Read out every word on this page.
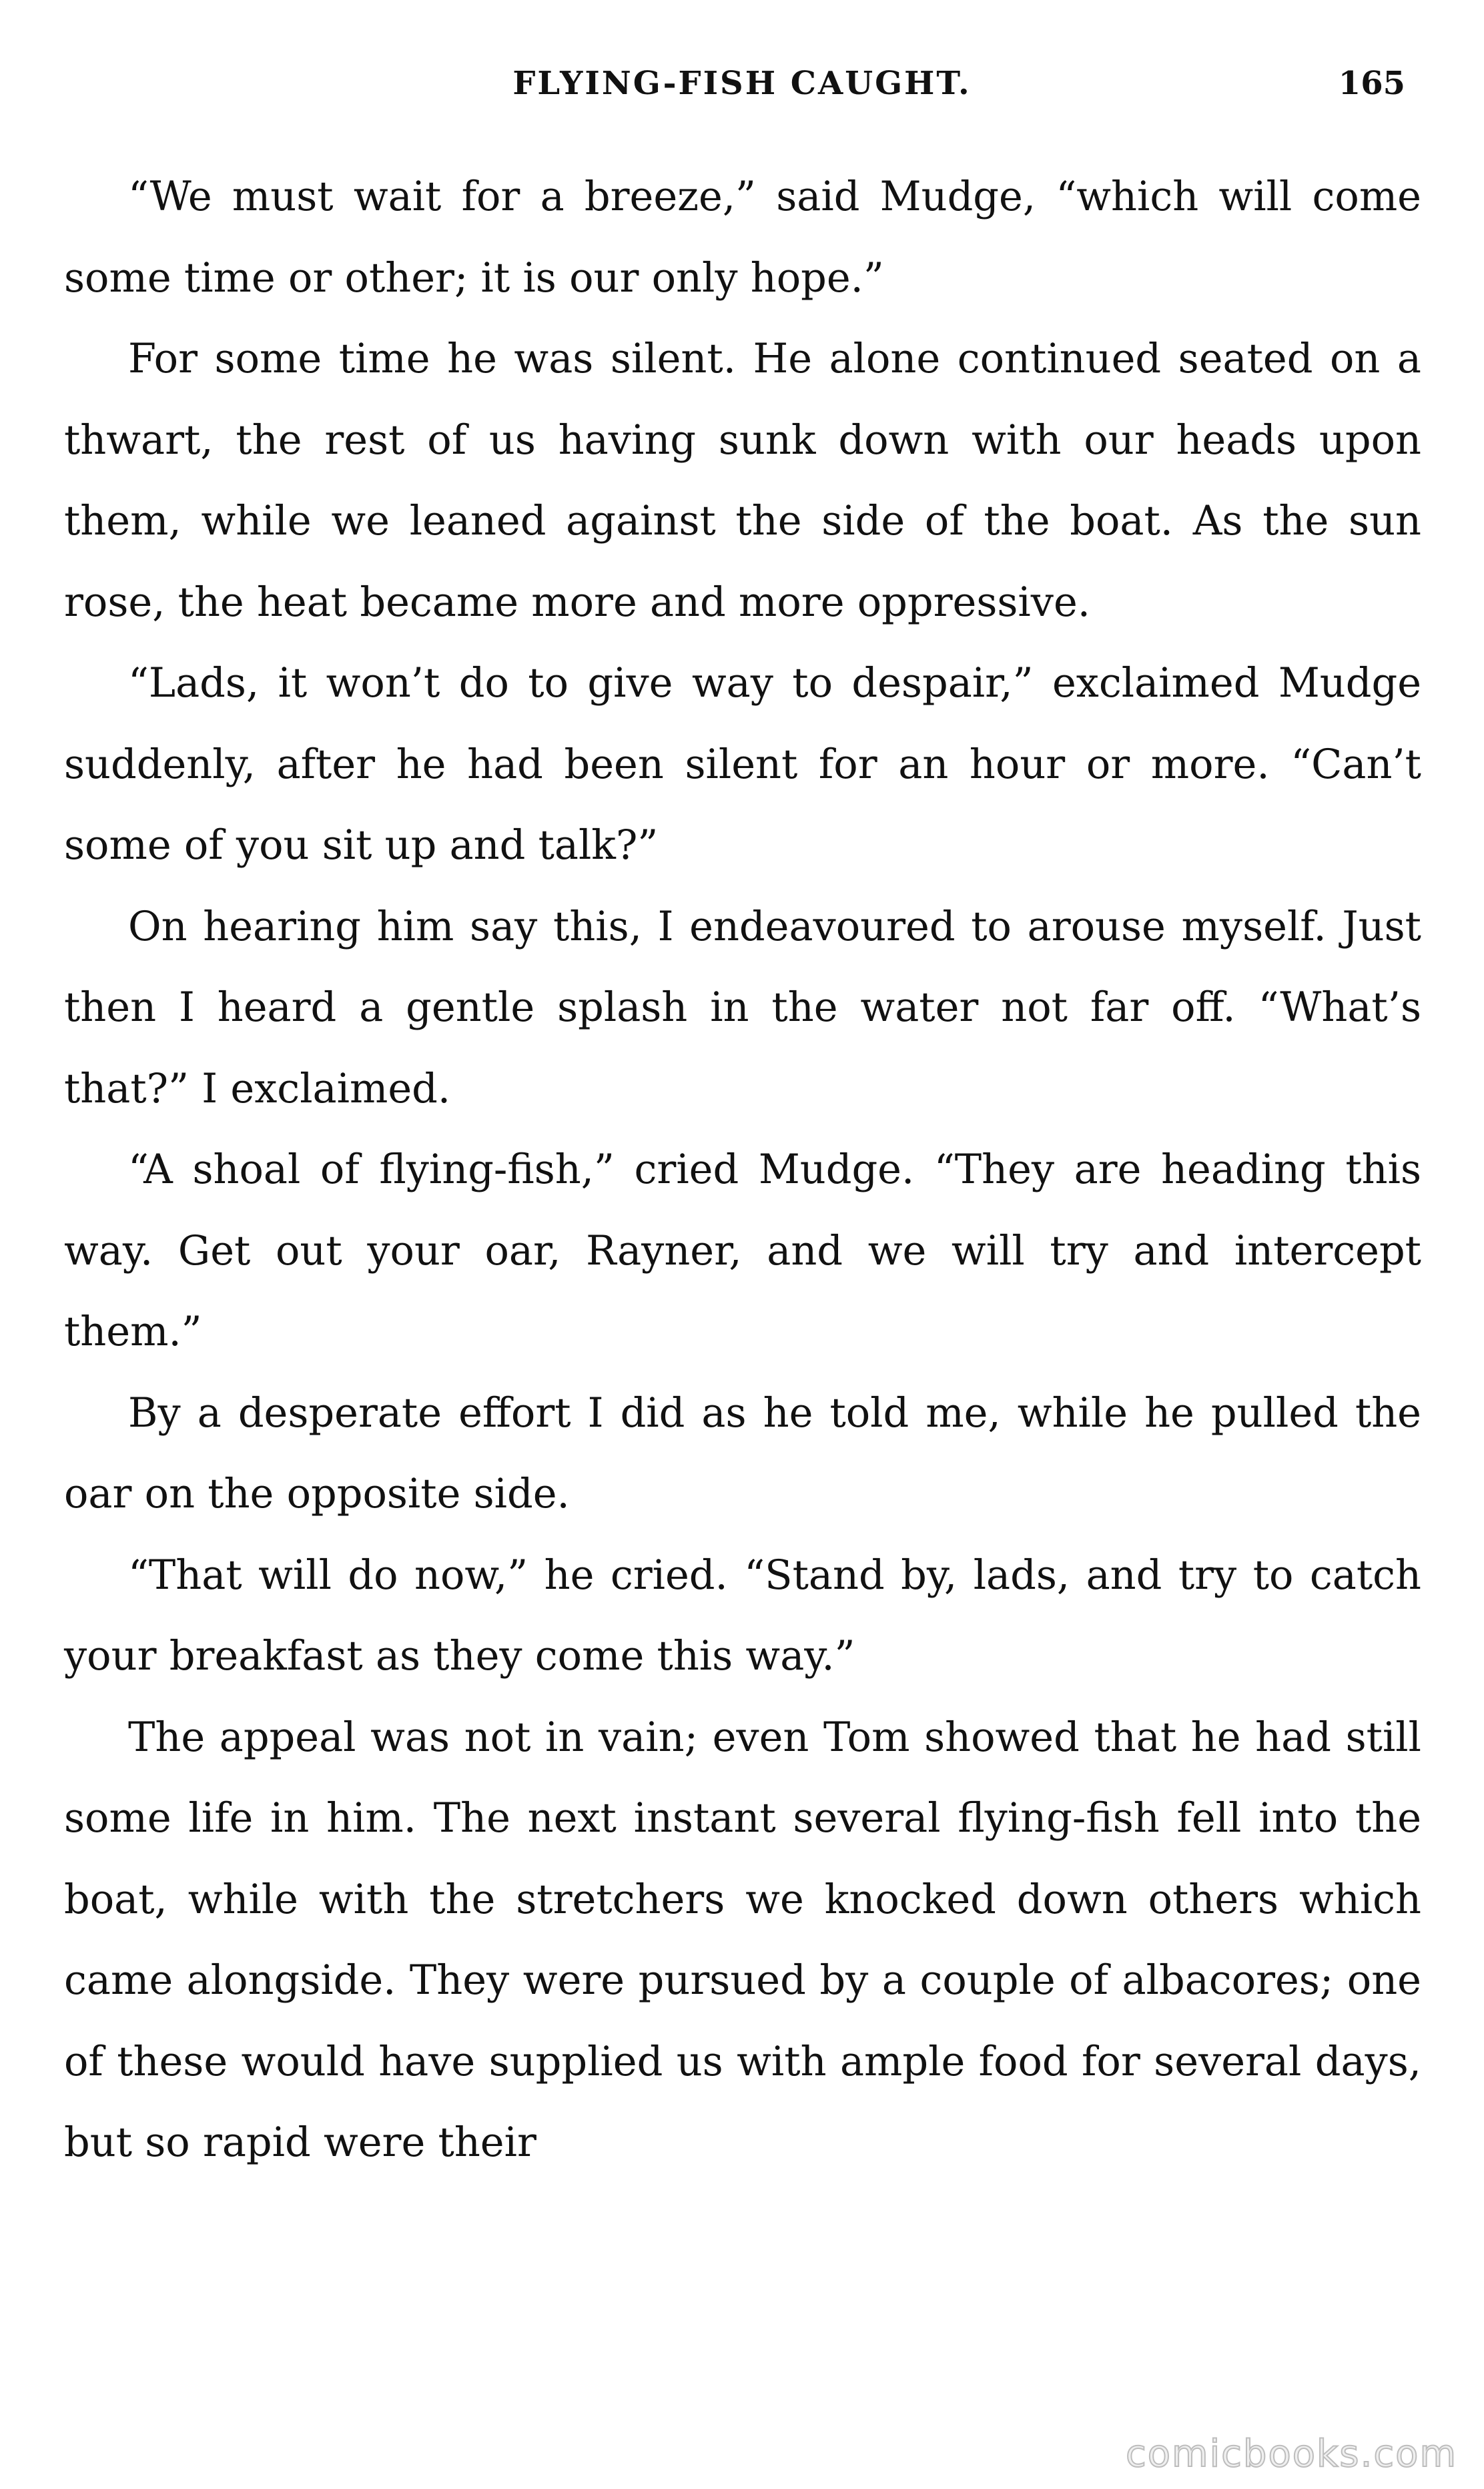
FLYING-FISH CAUGHT.	165

“We must wait for a breeze,” said Mudge, “which will come some time or other; it is our only hope.”

For some time he was silent. He alone continued seated on a thwart, the rest of us having sunk down with our heads upon them, while we leaned against the side of the boat. As the sun rose, the heat became more and more oppressive.

“Lads, it won’t do to give way to despair,” exclaimed Mudge suddenly, after he had been silent for an hour or more. “Can’t some of you sit up and talk?”

On hearing him say this, I endeavoured to arouse myself. Just then I heard a gentle splash in the water not far off. “What’s that?” I exclaimed.

“A shoal of flying-fish,” cried Mudge. “They are heading this way. Get out your oar, Rayner, and we will try and intercept them.”

By a desperate effort I did as he told me, while he pulled the oar on the opposite side.

“That will do now,” he cried. “Stand by, lads, and try to catch your breakfast as they come this way.”

The appeal was not in vain; even Tom showed that he had still some life in him. The next instant several flying-fish fell into the boat, while with the stretchers we knocked down others which came alongside. They were pursued by a couple of albacores; one of these would have supplied us with ample food for several days, but so rapid were their

comicbooks.com
